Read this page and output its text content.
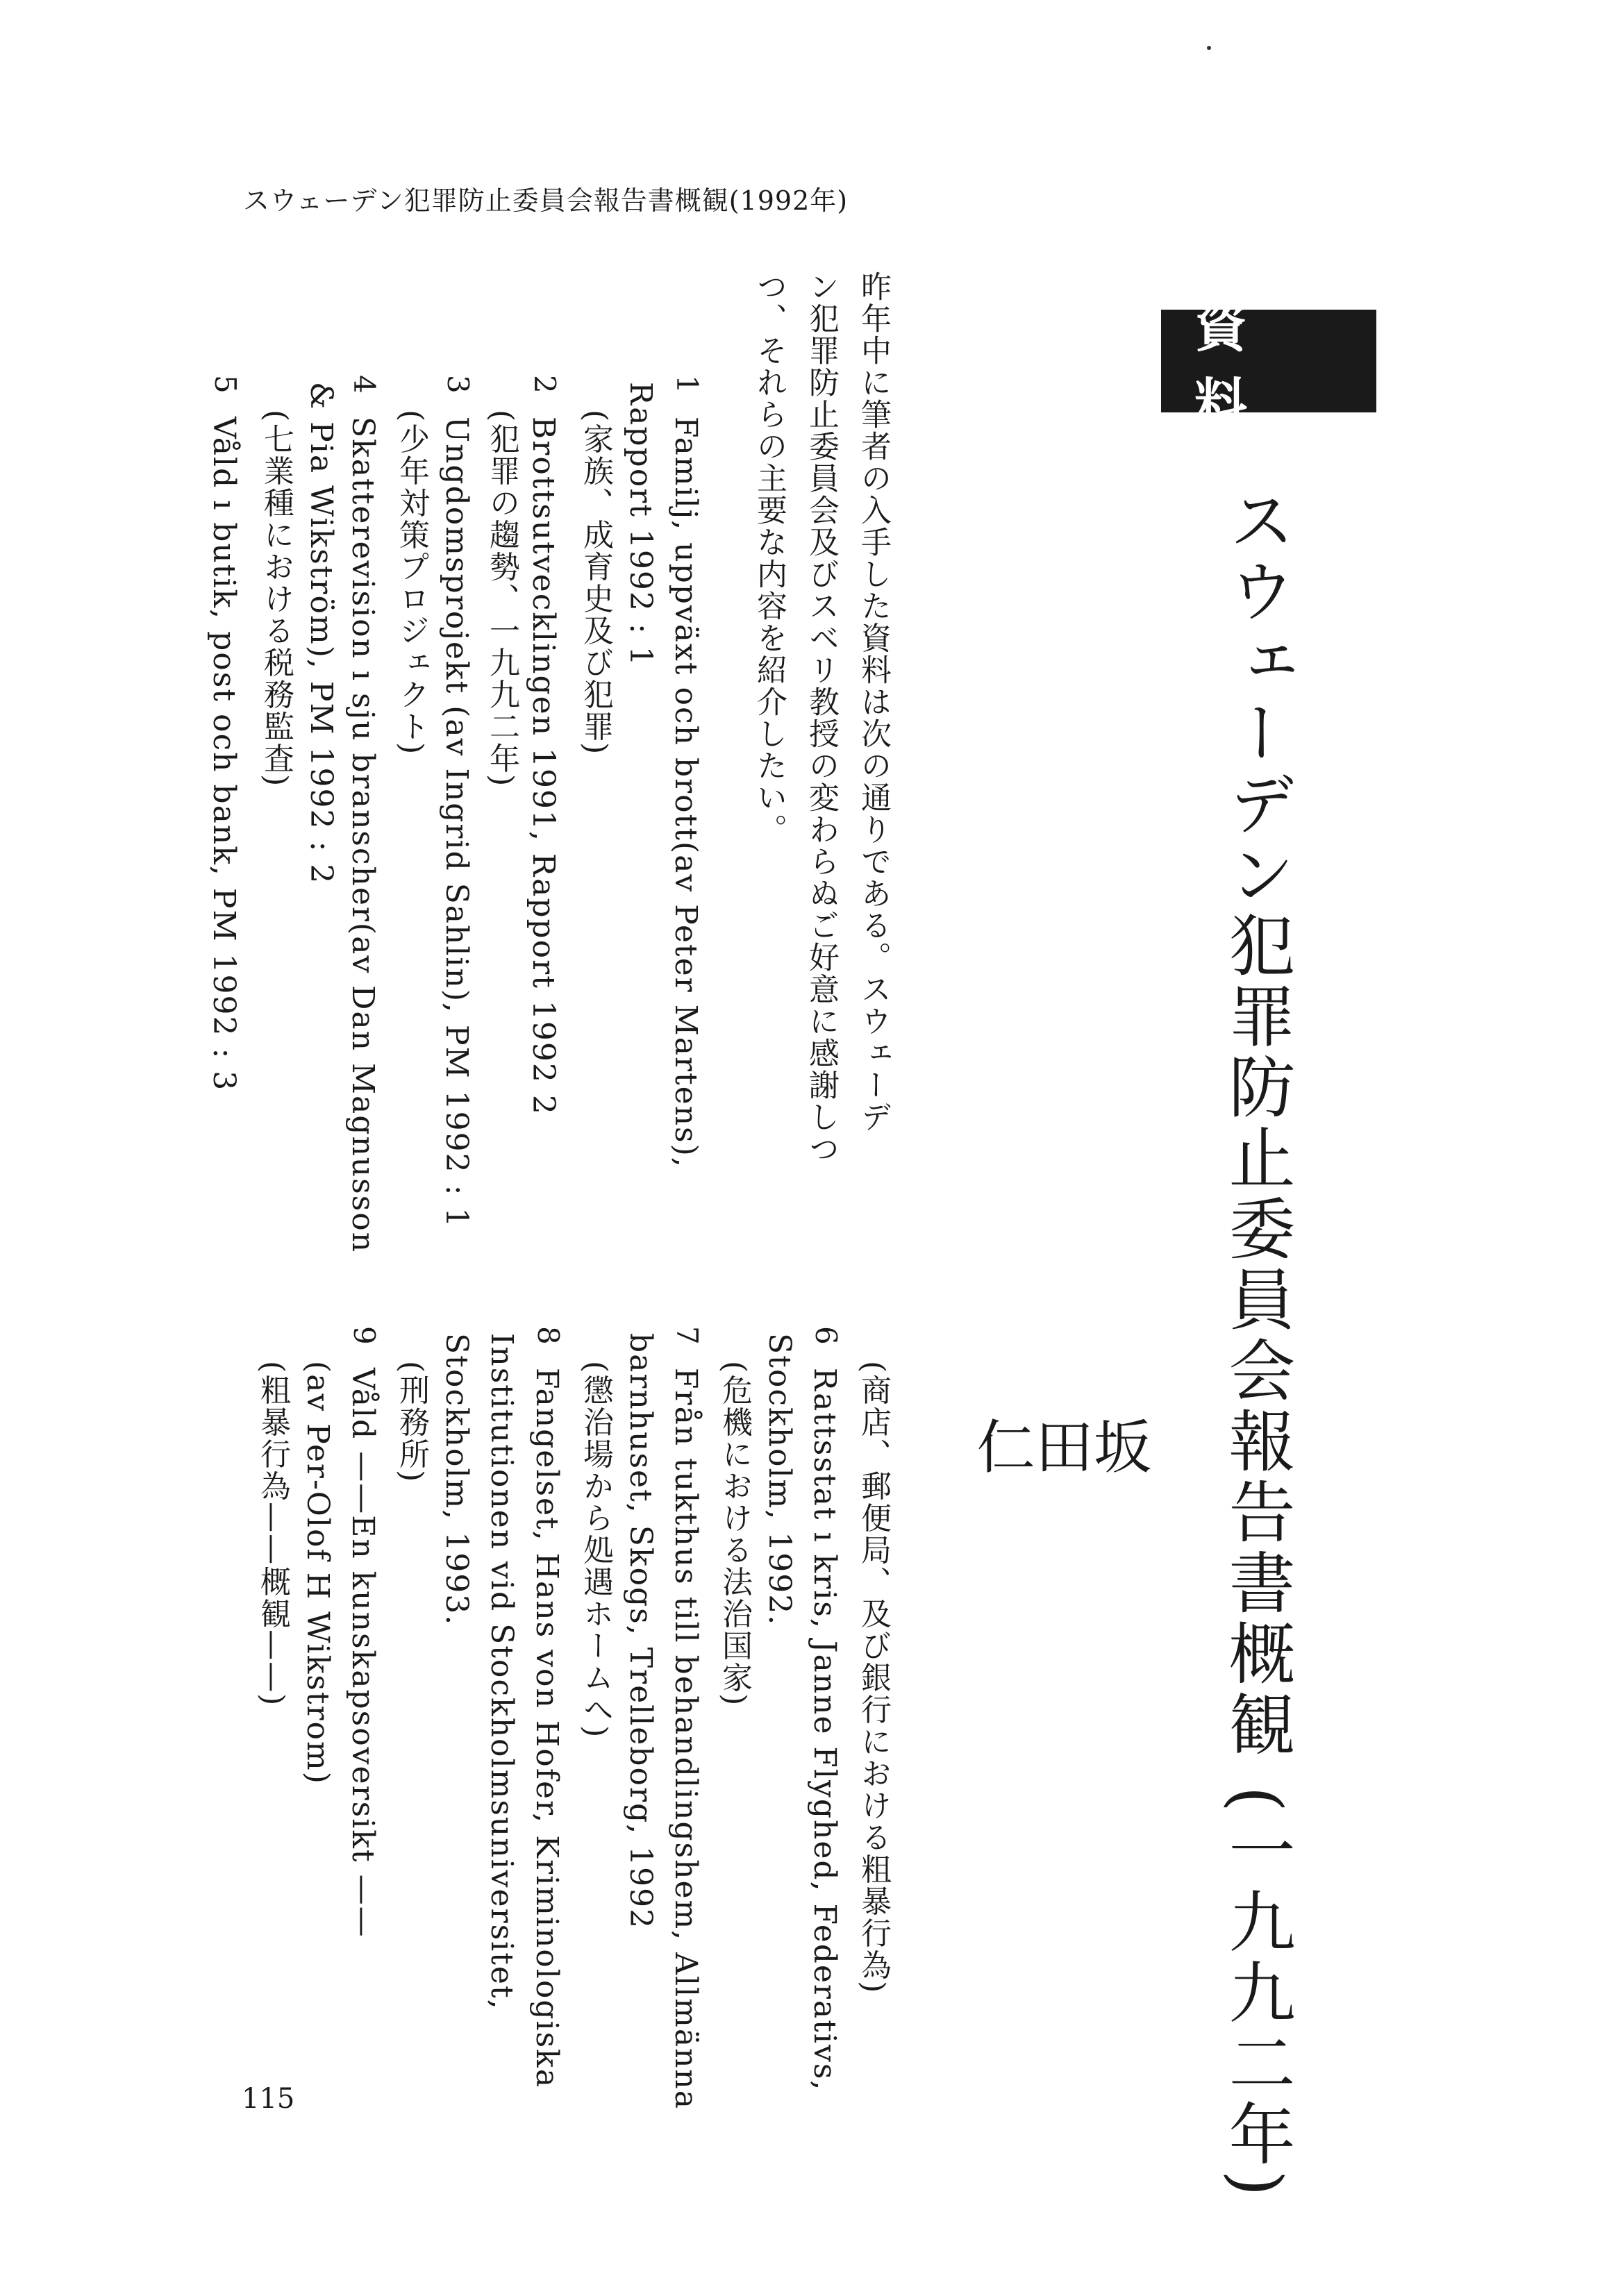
スウェーデン犯罪防止委員会報告書概観(1992年)
資 料
スウェーデン犯罪防止委員会報告書概観 (一九九二年)
坂
田
仁
昨年中に筆者の入手した資料は次の通りである。スウェーデ
ン犯罪防止委員会及びスベリ教授の変わらぬご好意に感謝しつ
つ、それらの主要な内容を紹介したい。
1
Familj, uppväxt och brott(av Peter Martens),
Rapport 1992 : 1
(家族、成育史及び犯罪)
2
Brottsutvecklingen 1991, Rapport 1992 2
(犯罪の趨勢、一九九二年)
3
Ungdomsprojekt (av Ingrid Sahlin), PM 1992 : 1
(少年対策プロジェクト)
4
Skatterevision ı sju branscher(av Dan Magnusson
& Pia Wikström), PM 1992 : 2
(七業種における税務監査)
5
Våld ı butik, post och bank, PM 1992 : 3
(商店、郵便局、及び銀行における粗暴行為)
6
Rattsstat ı kris, Janne Flyghed, Federativs,
Stockholm, 1992.
(危機における法治国家)
7
Från tukthus till behandlingshem, Allmänna
barnhuset, Skogs, Trelleborg, 1992
(懲治場から処遇ホームへ)
8
Fangelset, Hans von Hofer, Kriminologiska
Institutionen vid Stockholmsuniversitet,
Stockholm, 1993.
(刑務所)
9
Våld ——En kunskapsoversikt ——
(av Per-Olof H Wikstrom)
(粗暴行為——概観——)
115
